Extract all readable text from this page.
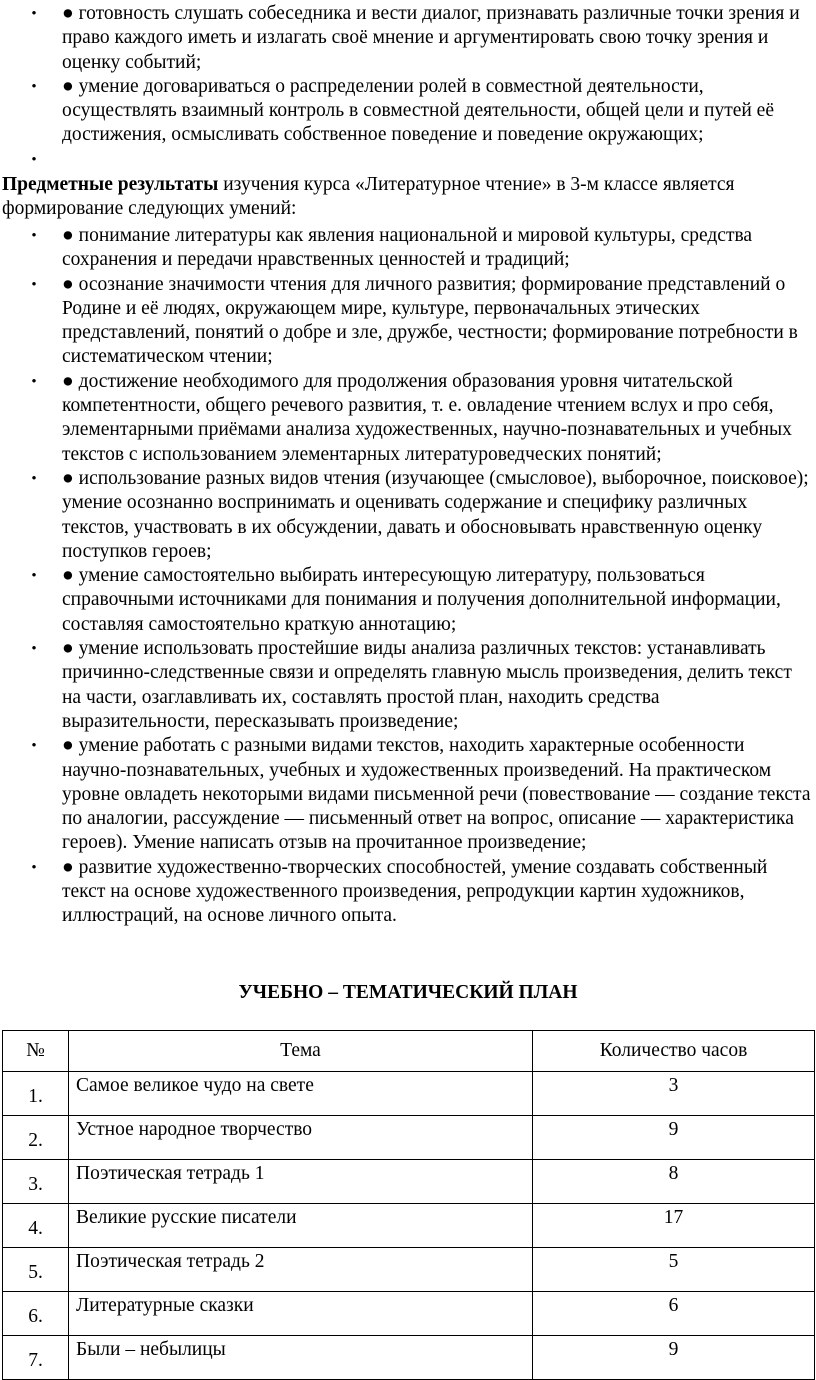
• ● готовность слушать собеседника и вести диалог, признавать различные точки зрения и право каждого иметь и излагать своё мнение и аргументировать свою точку зрения и оценку событий;
• ● умение договариваться о распределении ролей в совместной деятельности, осуществлять взаимный контроль в совместной деятельности, общей цели и путей её достижения, осмысливать собственное поведение и поведение окружающих;
•

Предметные результаты изучения курса «Литературное чтение» в 3-м классе является формирование следующих умений:

• ● понимание литературы как явления национальной и мировой культуры, средства сохранения и передачи нравственных ценностей и традиций;
• ● осознание значимости чтения для личного развития; формирование представлений о Родине и её людях, окружающем мире, культуре, первоначальных этических представлений, понятий о добре и зле, дружбе, честности; формирование потребности в систематическом чтении;
• ● достижение необходимого для продолжения образования уровня читательской компетентности, общего речевого развития, т. е. овладение чтением вслух и про себя, элементарными приёмами анализа художественных, научно-познавательных и учебных текстов с использованием элементарных литературоведческих понятий;
• ● использование разных видов чтения (изучающее (смысловое), выборочное, поисковое); умение осознанно воспринимать и оценивать содержание и специфику различных текстов, участвовать в их обсуждении, давать и обосновывать нравственную оценку поступков героев;
• ● умение самостоятельно выбирать интересующую литературу, пользоваться справочными источниками для понимания и получения дополнительной информации, составляя самостоятельно краткую аннотацию;
• ● умение использовать простейшие виды анализа различных текстов: устанавливать причинно-следственные связи и определять главную мысль произведения, делить текст на части, озаглавливать их, составлять простой план, находить средства выразительности, пересказывать произведение;
• ● умение работать с разными видами текстов, находить характерные особенности научно-познавательных, учебных и художественных произведений. На практическом уровне овладеть некоторыми видами письменной речи (повествование — создание текста по аналогии, рассуждение — письменный ответ на вопрос, описание — характеристика героев). Умение написать отзыв на прочитанное произведение;
• ● развитие художественно-творческих способностей, умение создавать собственный текст на основе художественного произведения, репродукции картин художников, иллюстраций, на основе личного опыта.
УЧЕБНО – ТЕМАТИЧЕСКИЙ ПЛАН
№	Тема	Количество часов
1.	Самое великое чудо на свете	3
2.	Устное народное творчество	9
3.	Поэтическая тетрадь 1	8
4.	Великие русские писатели	17
5.	Поэтическая тетрадь 2	5
6.	Литературные сказки	6
7.	Были – небылицы	9
